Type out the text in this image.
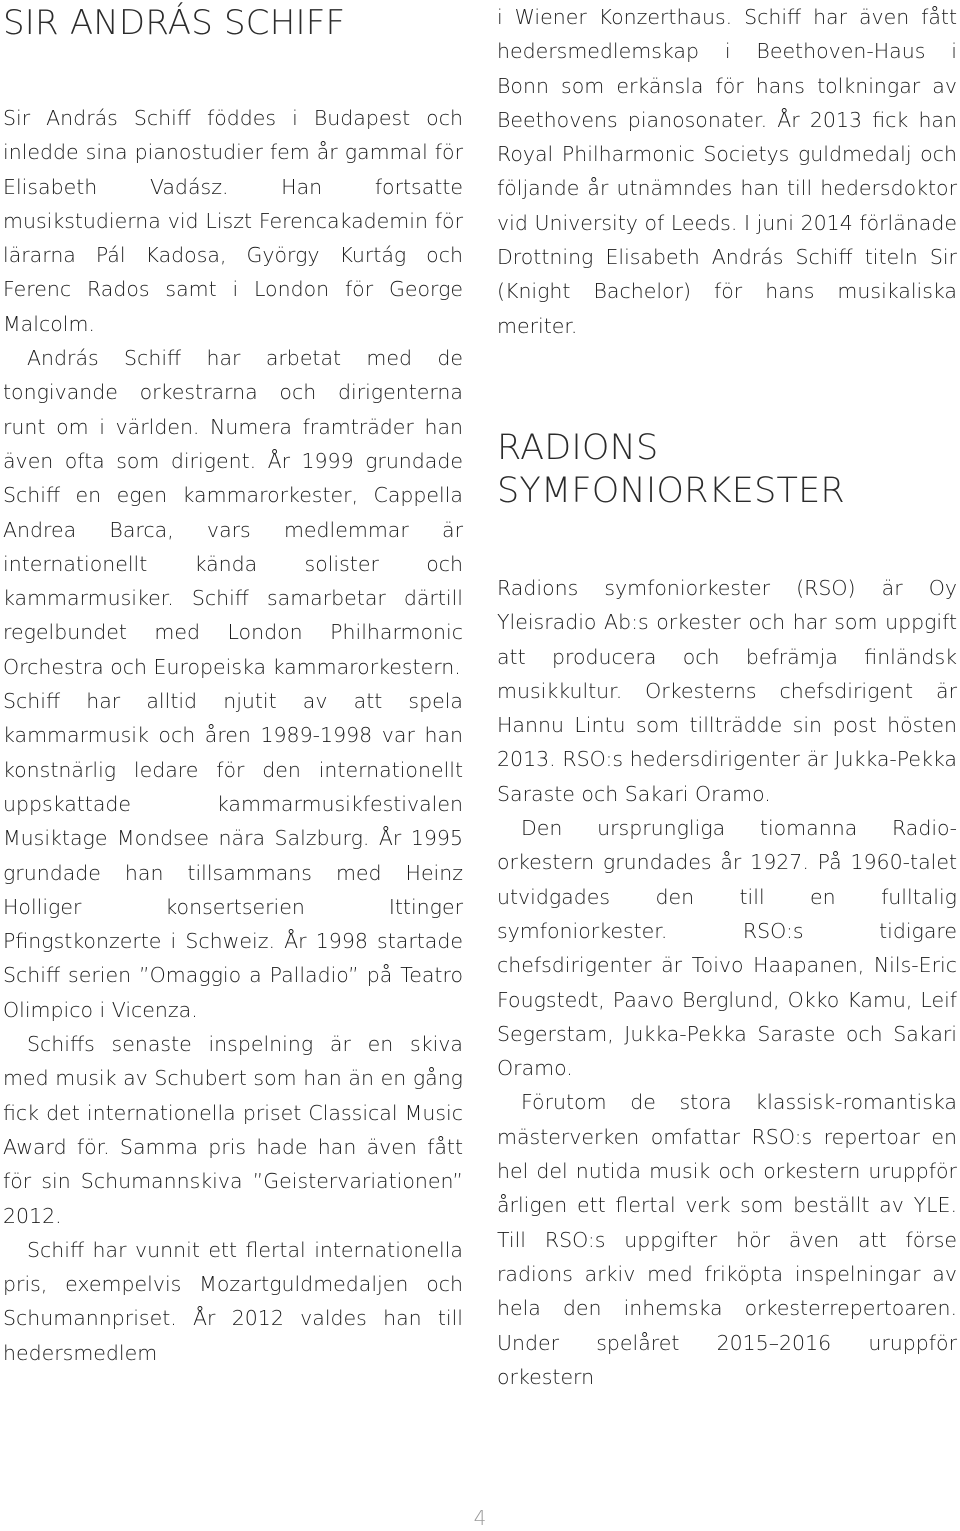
SIR ANDRÁS SCHIFF

Sir András Schiff föddes i Budapest och inledde sina pianostudier fem år gammal för Elisabeth Vadász. Han fortsatte musikstudierna vid Liszt Ferencakademin för lärarna Pál Kadosa, György Kurtág och Ferenc Rados samt i London för George Malcolm.

András Schiff har arbetat med de tongivande orkestrarna och dirigenterna runt om i världen. Numera framträder han även ofta som dirigent. År 1999 grundade Schiff en egen kammarorkester, Cappella Andrea Barca, vars medlemmar är internationellt kända solister och kammarmusiker. Schiff samarbetar därtill regelbundet med London Philharmonic Orchestra och Europeiska kammarorkestern.

Schiff har alltid njutit av att spela kammarmusik och åren 1989-1998 var han konstnärlig ledare för den internationellt uppskattade kammarmusikfestivalen Musiktage Mondsee nära Salzburg. År 1995 grundade han tillsammans med Heinz Holliger konsertserien Ittinger Pfingstkonzerte i Schweiz. År 1998 startade Schiff serien ”Omaggio a Palladio” på Teatro Olimpico i Vicenza.

Schiffs senaste inspelning är en skiva med musik av Schubert som han än en gång fick det internationella priset Classical Music Award för. Samma pris hade han även fått för sin Schumannskiva ”Geistervariationen” 2012.

Schiff har vunnit ett flertal internationella pris, exempelvis Mozartguldmedaljen och Schumannpriset. År 2012 valdes han till hedersmedlem

i Wiener Konzerthaus. Schiff har även fått hedersmedlemskap i Beethoven-Haus i Bonn som erkänsla för hans tolkningar av Beethovens pianosonater. År 2013 fick han Royal Philharmonic Societys guldmedalj och följande år utnämndes han till hedersdoktor vid University of Leeds. I juni 2014 förlänade Drottning Elisabeth András Schiff titeln Sir (Knight Bachelor) för hans musikaliska meriter.

RADIONS SYMFONIORKESTER

Radions symfoniorkester (RSO) är Oy Yleisradio Ab:s orkester och har som uppgift att producera och befrämja finländsk musikkultur. Orkesterns chefsdirigent är Hannu Lintu som tillträdde sin post hösten 2013. RSO:s hedersdirigenter är Jukka-Pekka Saraste och Sakari Oramo.

Den ursprungliga tiomanna Radioorkestern grundades år 1927. På 1960-talet utvidgades den till en fulltalig symfoniorkester. RSO:s tidigare chefsdirigenter är Toivo Haapanen, Nils-Eric Fougstedt, Paavo Berglund, Okko Kamu, Leif Segerstam, Jukka-Pekka Saraste och Sakari Oramo.

Förutom de stora klassisk-romantiska mästerverken omfattar RSO:s repertoar en hel del nutida musik och orkestern uruppför årligen ett flertal verk som beställt av YLE. Till RSO:s uppgifter hör även att förse radions arkiv med friköpta inspelningar av hela den inhemska orkesterrepertoaren. Under spelåret 2015–2016 uruppför orkestern

4
